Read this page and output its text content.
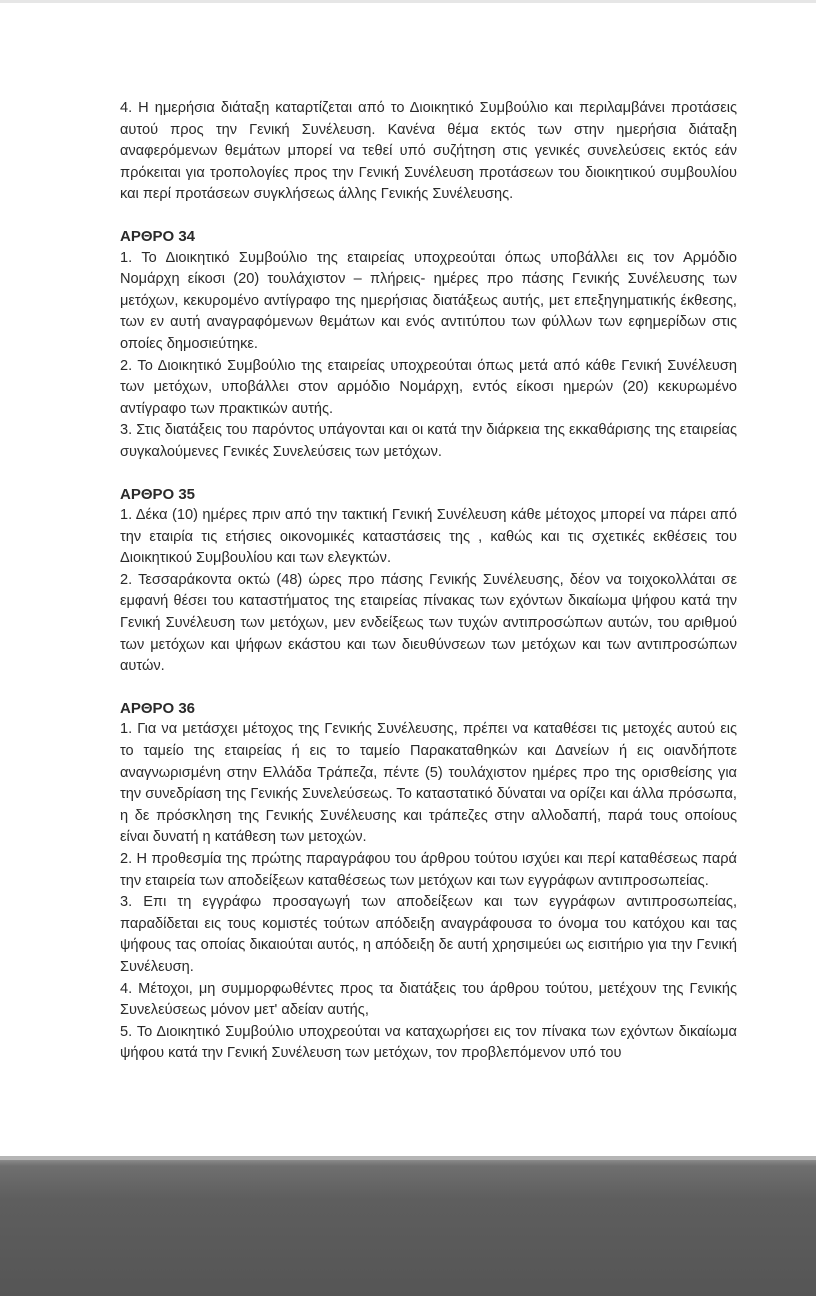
4. Η ημερήσια διάταξη καταρτίζεται από το Διοικητικό Συμβούλιο και περιλαμβάνει προτάσεις αυτού προς την Γενική Συνέλευση. Κανένα θέμα εκτός των στην ημερήσια διάταξη αναφερόμενων θεμάτων μπορεί να τεθεί υπό συζήτηση στις γενικές συνελεύσεις εκτός εάν πρόκειται για τροπολογίες προς την Γενική Συνέλευση προτάσεων του διοικητικού συμβουλίου και περί προτάσεων συγκλήσεως άλλης Γενικής Συνέλευσης.

ΑΡΘΡΟ 34

1. Το Διοικητικό Συμβούλιο της εταιρείας υποχρεούται όπως υποβάλλει εις τον Αρμόδιο Νομάρχη είκοσι (20) τουλάχιστον – πλήρεις- ημέρες προ πάσης Γενικής Συνέλευσης των μετόχων, κεκυρομένο αντίγραφο της ημερήσιας διατάξεως αυτής, μετ επεξηγηματικής έκθεσης, των εν αυτή αναγραφόμενων θεμάτων και ενός αντιτύπου των φύλλων των εφημερίδων στις οποίες δημοσιεύτηκε.

2. Το Διοικητικό Συμβούλιο της εταιρείας υποχρεούται όπως μετά από κάθε Γενική Συνέλευση των μετόχων, υποβάλλει στον αρμόδιο Νομάρχη, εντός είκοσι ημερών (20) κεκυρωμένο αντίγραφο των πρακτικών αυτής.

3. Στις διατάξεις του παρόντος υπάγονται και οι κατά την διάρκεια της εκκαθάρισης της εταιρείας συγκαλούμενες Γενικές Συνελεύσεις των μετόχων.

ΑΡΘΡΟ 35

1. Δέκα (10) ημέρες πριν από την τακτική Γενική Συνέλευση κάθε μέτοχος μπορεί να πάρει από την εταιρία τις ετήσιες οικονομικές καταστάσεις της , καθώς και τις σχετικές εκθέσεις του Διοικητικού Συμβουλίου και των ελεγκτών.

2. Τεσσαράκοντα οκτώ (48) ώρες προ πάσης Γενικής Συνέλευσης, δέον να τοιχοκολλάται σε εμφανή θέσει του καταστήματος της εταιρείας πίνακας των εχόντων δικαίωμα ψήφου κατά την Γενική Συνέλευση των μετόχων, μεν ενδείξεως των τυχών αντιπροσώπων αυτών, του αριθμού των μετόχων και ψήφων εκάστου και των διευθύνσεων των μετόχων και των αντιπροσώπων αυτών.

ΑΡΘΡΟ 36

1. Για να μετάσχει μέτοχος της Γενικής Συνέλευσης, πρέπει να καταθέσει τις μετοχές αυτού εις το ταμείο της εταιρείας ή εις το ταμείο Παρακαταθηκών και Δανείων ή εις οιανδήποτε αναγνωρισμένη στην Ελλάδα Τράπεζα, πέντε (5) τουλάχιστον ημέρες προ της ορισθείσης για την συνεδρίαση της Γενικής Συνελεύσεως. Το καταστατικό δύναται να ορίζει και άλλα πρόσωπα, η δε πρόσκληση της Γενικής Συνέλευσης και τράπεζες στην αλλοδαπή, παρά τους οποίους είναι δυνατή η κατάθεση των μετοχών.

2. Η προθεσμία της πρώτης παραγράφου του άρθρου τούτου ισχύει και περί καταθέσεως παρά την εταιρεία των αποδείξεων καταθέσεως των μετόχων και των εγγράφων αντιπροσωπείας.

3. Επι τη εγγράφω προσαγωγή των αποδείξεων και των εγγράφων αντιπροσωπείας, παραδίδεται εις τους κομιστές τούτων απόδειξη αναγράφουσα το όνομα του κατόχου και τας ψήφους τας οποίας δικαιούται αυτός, η απόδειξη δε αυτή χρησιμεύει ως εισιτήριο για την Γενική Συνέλευση.

4. Μέτοχοι, μη συμμορφωθέντες προς τα διατάξεις του άρθρου τούτου, μετέχουν της Γενικής Συνελεύσεως μόνον μετ' αδείαν αυτής,

5. Το Διοικητικό Συμβούλιο υποχρεούται να καταχωρήσει εις τον πίνακα των εχόντων δικαίωμα ψήφου κατά την Γενική Συνέλευση των μετόχων, τον προβλεπόμενον υπό του
